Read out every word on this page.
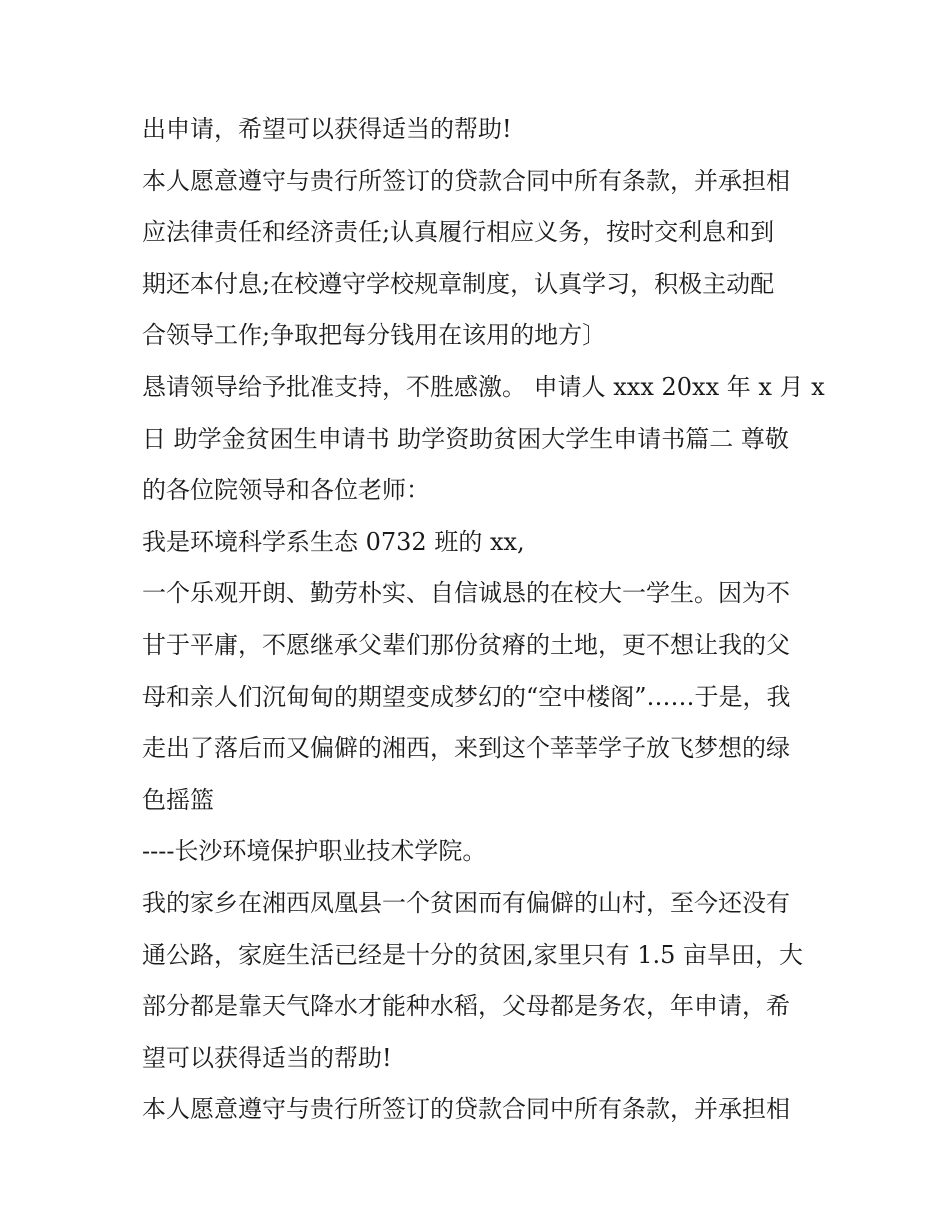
出申请，希望可以获得适当的帮助!
本人愿意遵守与贵行所签订的贷款合同中所有条款，并承担相
应法律责任和经济责任;认真履行相应义务，按时交利息和到
期还本付息;在校遵守学校规章制度，认真学习，积极主动配
合领导工作;争取把每分钱用在该用的地方〕
恳请领导给予批准支持，不胜感激。 申请人 xxx 20xx 年 x 月 x
日 助学金贫困生申请书 助学资助贫困大学生申请书篇二 尊敬
的各位院领导和各位老师：
我是环境科学系生态 0732 班的 xx,
一个乐观开朗、勤劳朴实、自信诚恳的在校大一学生。因为不
甘于平庸，不愿继承父辈们那份贫瘠的土地，更不想让我的父
母和亲人们沉甸甸的期望变成梦幻的“空中楼阁”……于是，我
走出了落后而又偏僻的湘西，来到这个莘莘学子放飞梦想的绿
色摇篮
----长沙环境保护职业技术学院。
我的家乡在湘西凤凰县一个贫困而有偏僻的山村，至今还没有
通公路，家庭生活已经是十分的贫困,家里只有 1.5 亩旱田，大
部分都是靠天气降水才能种水稻，父母都是务农，年申请，希
望可以获得适当的帮助!
本人愿意遵守与贵行所签订的贷款合同中所有条款，并承担相
